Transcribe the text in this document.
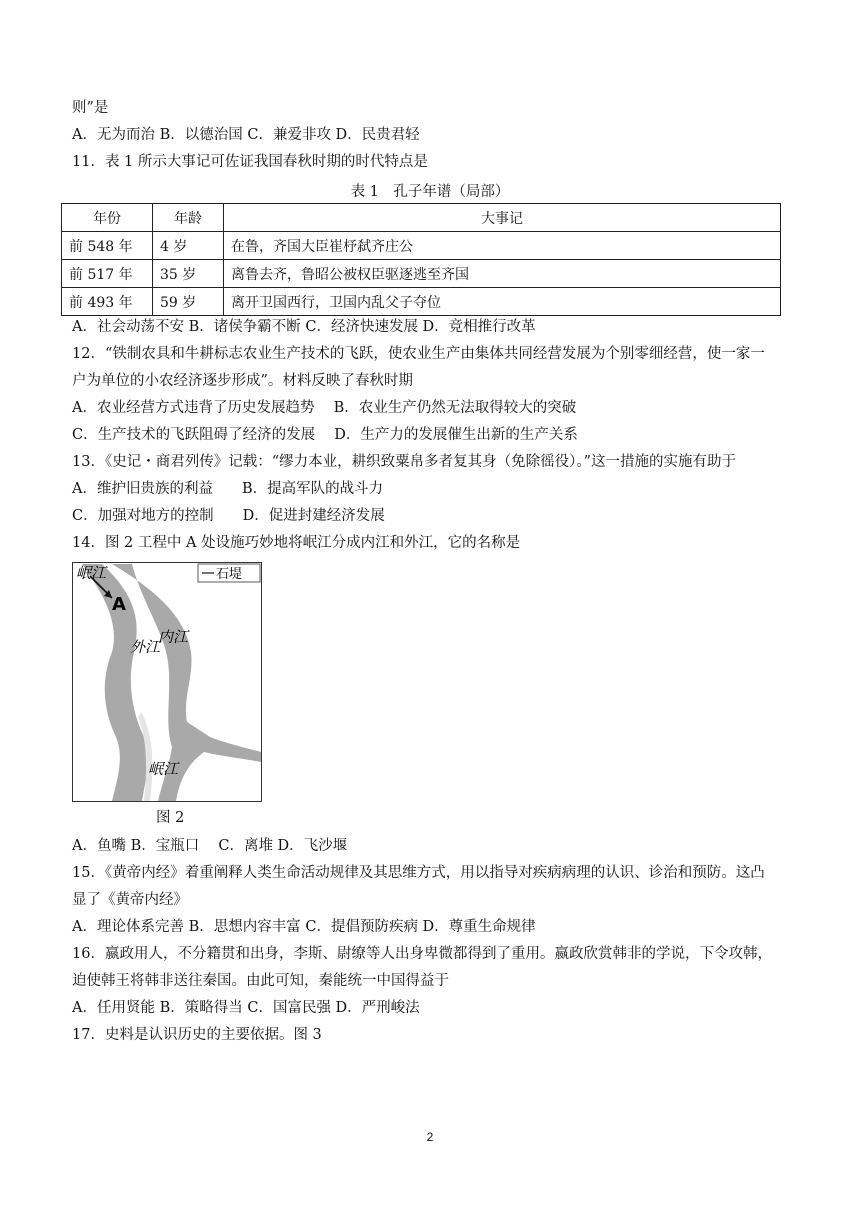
则”是
A．无为而治 B．以德治国 C．兼爱非攻 D．民贵君轻
11．表 1 所示大事记可佐证我国春秋时期的时代特点是
表 1　孔子年谱（局部）
年份	年龄	大事记
前 548 年	4 岁	在鲁，齐国大臣崔杼弑齐庄公
前 517 年	35 岁	离鲁去齐，鲁昭公被权臣驱逐逃至齐国
前 493 年	59 岁	离开卫国西行，卫国内乱父子夺位
A．社会动荡不安 B．诸侯争霸不断 C．经济快速发展 D．竞相推行改革
12．“铁制农具和牛耕标志农业生产技术的飞跃，使农业生产由集体共同经营发展为个别零细经营，使一家一
户为单位的小农经济逐步形成”。材料反映了春秋时期
A．农业经营方式违背了历史发展趋势　 B．农业生产仍然无法取得较大的突破
C．生产技术的飞跃阻碍了经济的发展　 D．生产力的发展催生出新的生产关系
13．《史记・商君列传》记载：“缪力本业，耕织致粟帛多者复其身（免除徭役）。”这一措施的实施有助于
A．维护旧贵族的利益　　B．提高军队的战斗力
C．加强对地方的控制　　D．促进封建经济发展
14．图 2 工程中 A 处设施巧妙地将岷江分成内江和外江，它的名称是
石堤
岷江
A
内江
外江
岷江
图 2
A．鱼嘴 B．宝瓶口　 C．离堆 D．飞沙堰
15．《黄帝内经》着重阐释人类生命活动规律及其思维方式，用以指导对疾病病理的认识、诊治和预防。这凸
显了《黄帝内经》
A．理论体系完善 B．思想内容丰富 C．提倡预防疾病 D．尊重生命规律
16．嬴政用人，不分籍贯和出身，李斯、尉缭等人出身卑微都得到了重用。嬴政欣赏韩非的学说，下令攻韩，
迫使韩王将韩非送往秦国。由此可知，秦能统一中国得益于
A．任用贤能 B．策略得当 C．国富民强 D．严刑峻法
17．史料是认识历史的主要依据。图 3
2
